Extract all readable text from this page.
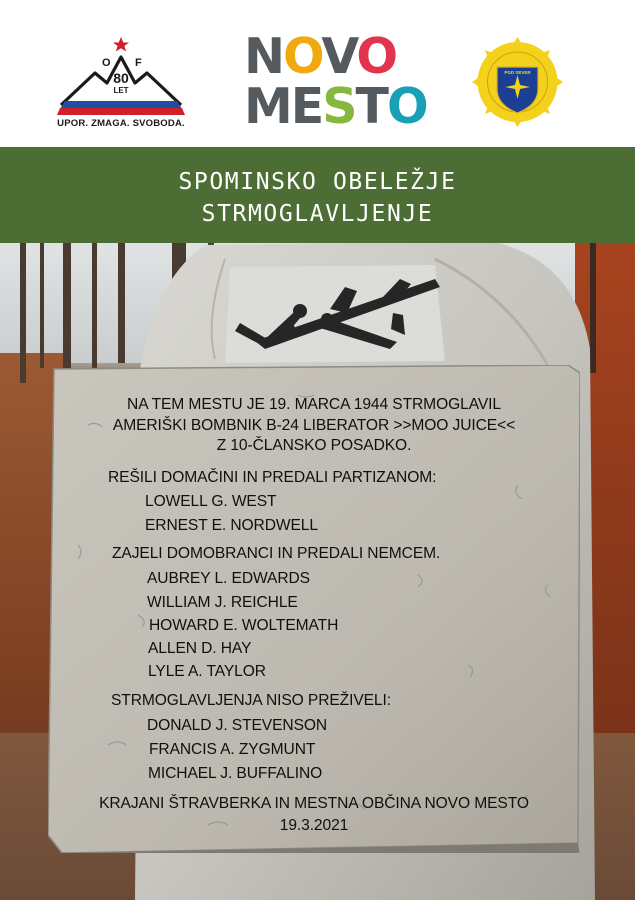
O F
80
LET
UPOR. ZMAGA. SVOBODA.
NOVO
MESTO
PGD SEVER
SPOMINSKO OBELEŽJE
STRMOGLAVLJENJE
NA TEM MESTU JE 19. MARCA 1944 STRMOGLAVIL
AMERIŠKI BOMBNIK B-24 LIBERATOR >>MOO JUICE<<
Z 10-ČLANSKO POSADKO.
REŠILI DOMAČINI IN PREDALI PARTIZANOM:
LOWELL G. WEST
ERNEST E. NORDWELL
ZAJELI DOMOBRANCI IN PREDALI NEMCEM.
AUBREY L. EDWARDS
WILLIAM J. REICHLE
HOWARD E. WOLTEMATH
ALLEN D. HAY
LYLE A. TAYLOR
STRMOGLAVLJENJA NISO PREŽIVELI:
DONALD J. STEVENSON
FRANCIS A. ZYGMUNT
MICHAEL J. BUFFALINO
KRAJANI ŠTRAVBERKA IN MESTNA OBČINA NOVO MESTO
19.3.2021
